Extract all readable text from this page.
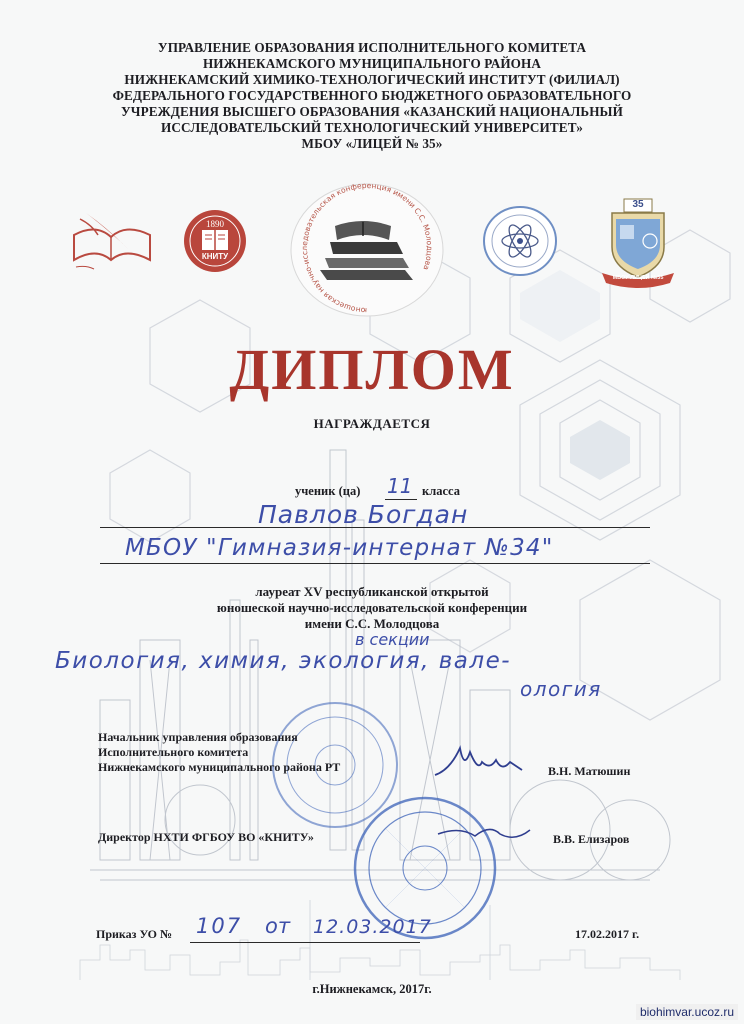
УПРАВЛЕНИЕ ОБРАЗОВАНИЯ ИСПОЛНИТЕЛЬНОГО КОМИТЕТА
НИЖНЕКАМСКОГО МУНИЦИПАЛЬНОГО РАЙОНА
НИЖНЕКАМСКИЙ ХИМИКО-ТЕХНОЛОГИЧЕСКИЙ ИНСТИТУТ (ФИЛИАЛ)
ФЕДЕРАЛЬНОГО ГОСУДАРСТВЕННОГО БЮДЖЕТНОГО ОБРАЗОВАТЕЛЬНОГО
УЧРЕЖДЕНИЯ ВЫСШЕГО ОБРАЗОВАНИЯ «КАЗАНСКИЙ НАЦИОНАЛЬНЫЙ
ИССЛЕДОВАТЕЛЬСКИЙ ТЕХНОЛОГИЧЕСКИЙ УНИВЕРСИТЕТ»
МБОУ «ЛИЦЕЙ № 35»
1890
КНИТУ
юношеская научно-исследовательская конференция имени С.С. Молодцова
35
МБОУ ЛИЦЕЙ №35
ДИПЛОМ
НАГРАЖДАЕТСЯ
ученик (ца) 11 класса
Павлов Богдан
МБОУ "Гимназия-интернат №34"
лауреат XV республиканской открытой
юношеской научно-исследовательской конференции
имени С.С. Молодцова
в секции
Биология, химия, экология, вале-
ология
Начальник управления образования
Исполнительного комитета
Нижнекамского муниципального района РТ	В.Н. Матюшин
Директор НХТИ ФГБОУ ВО «КНИТУ»	В.В. Елизаров
Приказ УО № 107 от 12.03.2017	17.02.2017 г.
г.Нижнекамск, 2017г.
biohimvar.ucoz.ru
